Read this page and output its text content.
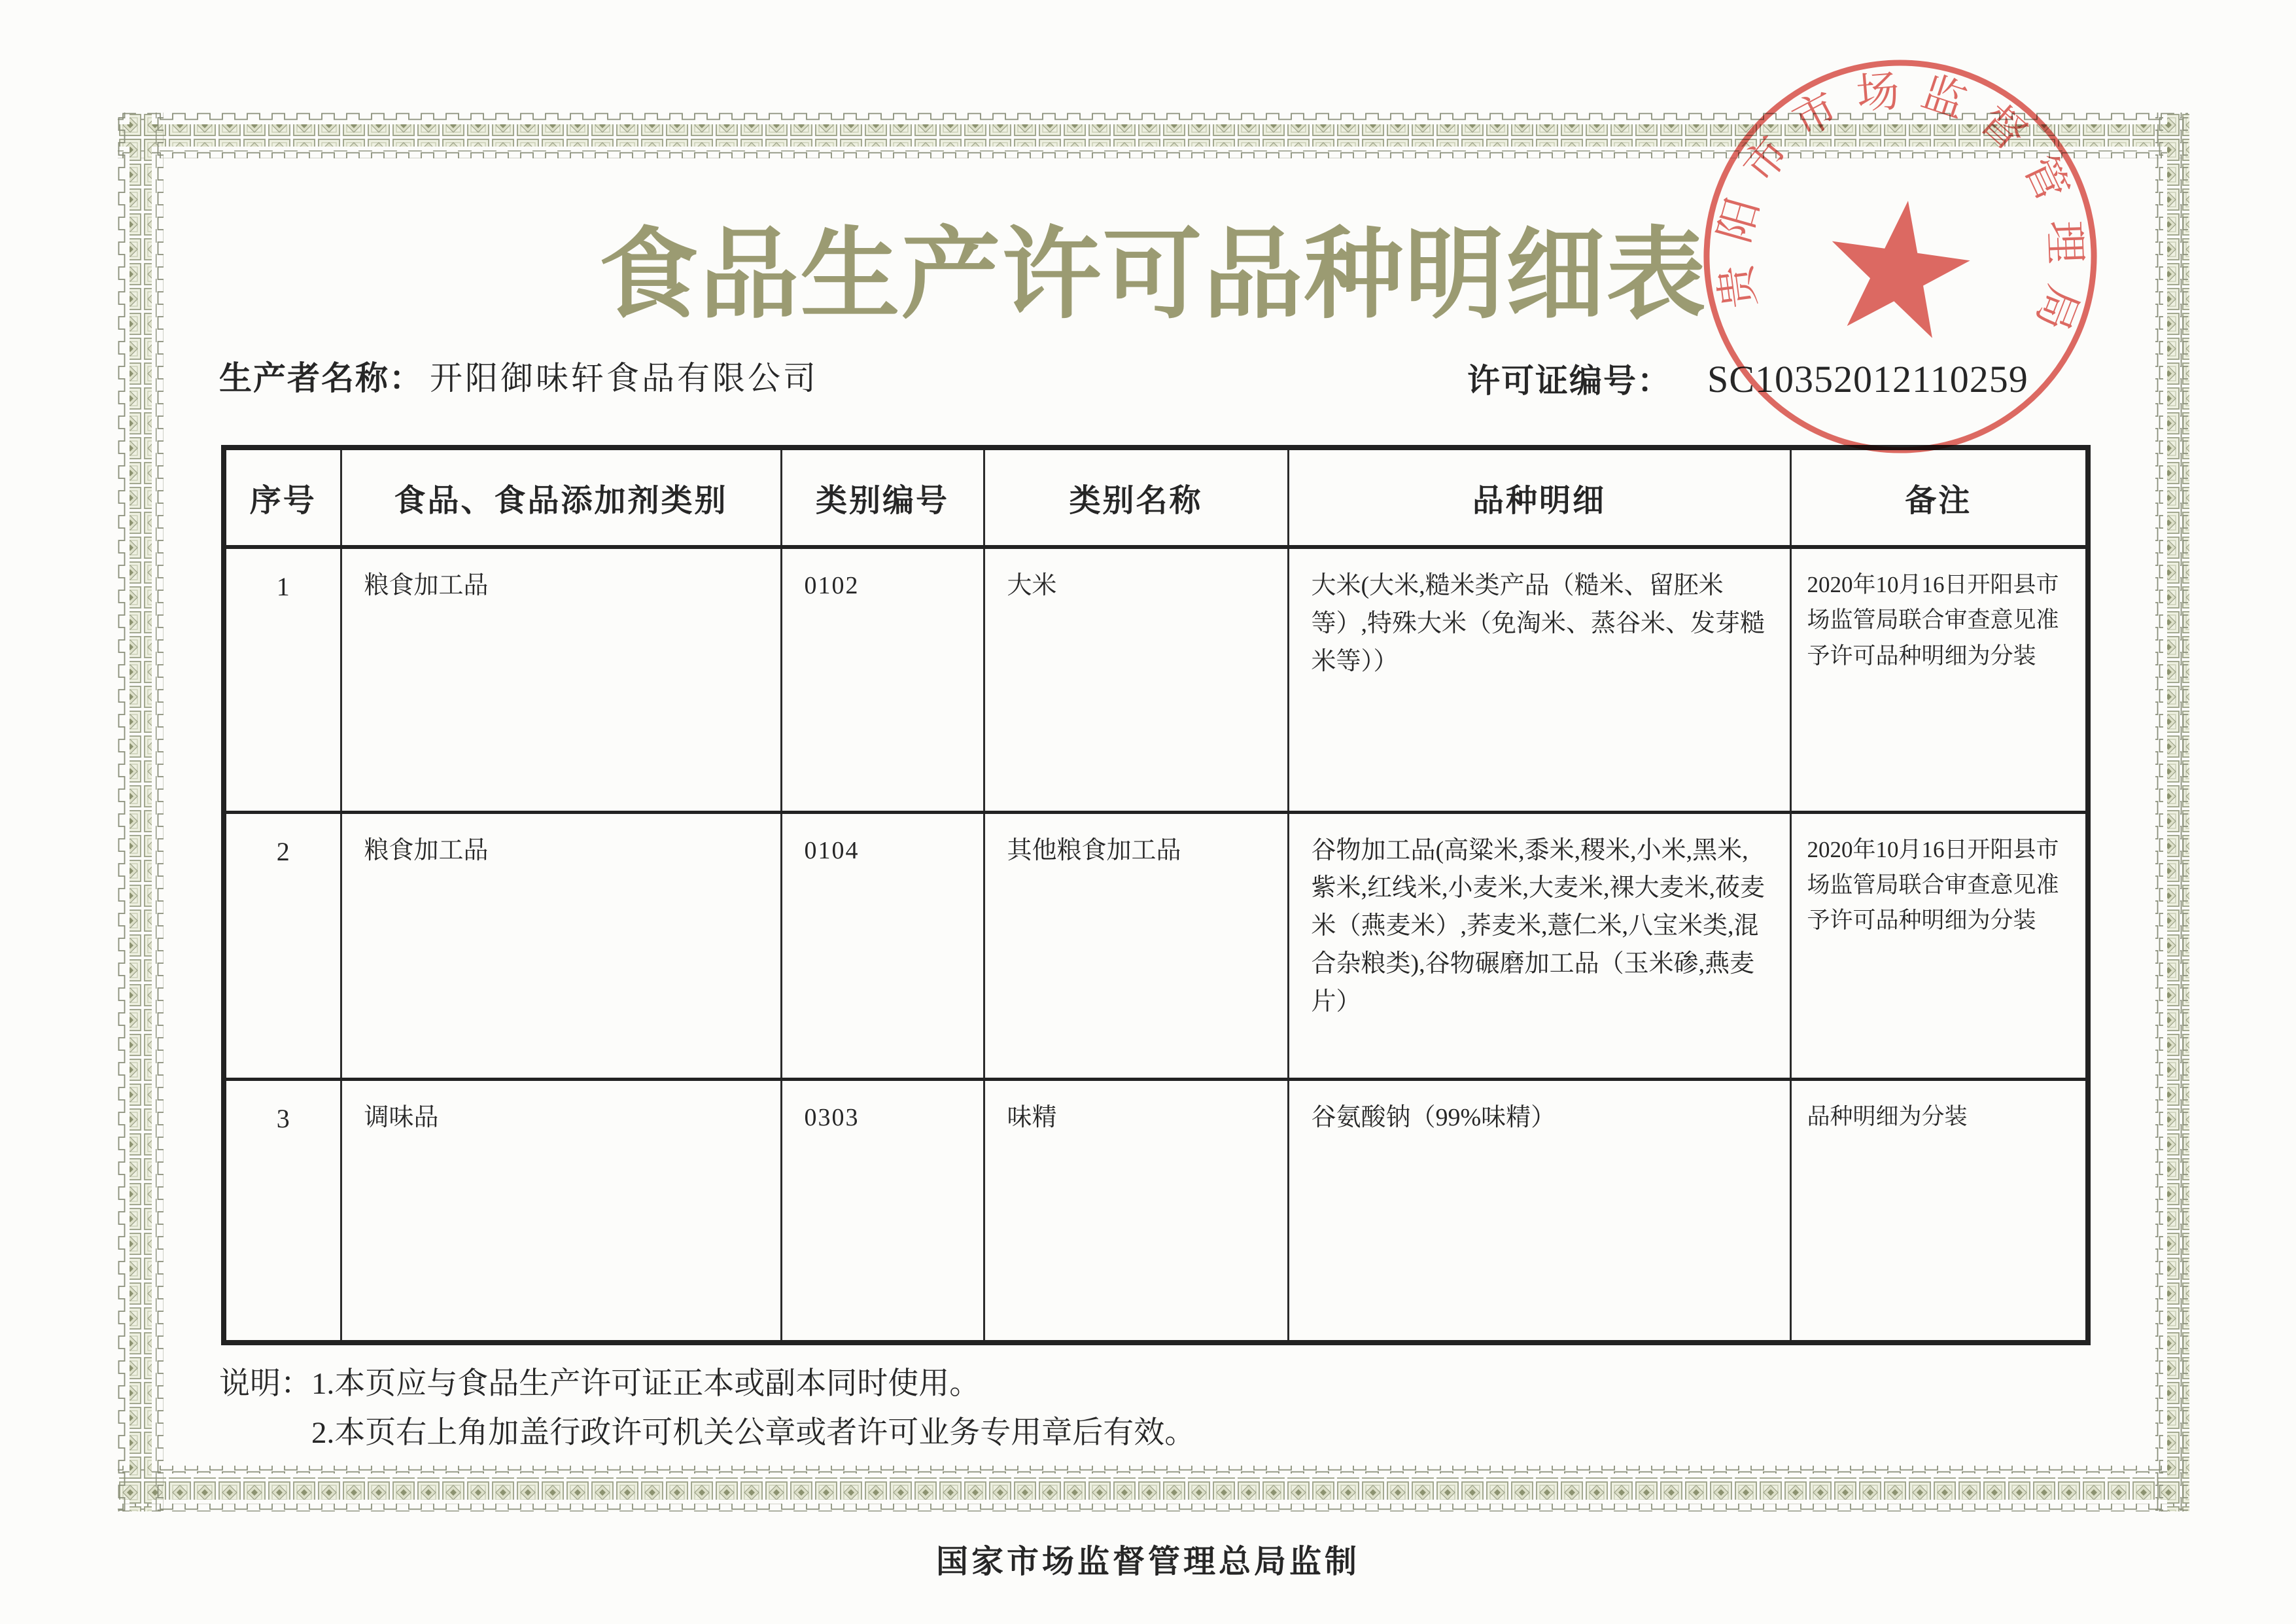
食品生产许可品种明细表
生产者名称： 开阳御味轩食品有限公司	许可证编号： SC10352012110259
序号	食品、食品添加剂类别	类别编号	类别名称	品种明细	备注
1	粮食加工品	0102	大米	大米(大米,糙米类产品（糙米、留胚米等）,特殊大米（免淘米、蒸谷米、发芽糙米等））	2020年10月16日开阳县市场监管局联合审查意见准予许可品种明细为分装
2	粮食加工品	0104	其他粮食加工品	谷物加工品(高粱米,黍米,稷米,小米,黑米,紫米,红线米,小麦米,大麦米,裸大麦米,莜麦米（燕麦米）,荞麦米,薏仁米,八宝米类,混合杂粮类),谷物碾磨加工品（玉米碜,燕麦片）	2020年10月16日开阳县市场监管局联合审查意见准予许可品种明细为分装
3	调味品	0303	味精	谷氨酸钠（99%味精）	品种明细为分装
说明：1.本页应与食品生产许可证正本或副本同时使用。
2.本页右上角加盖行政许可机关公章或者许可业务专用章后有效。
国家市场监督管理总局监制
贵阳市市场监督管理局
